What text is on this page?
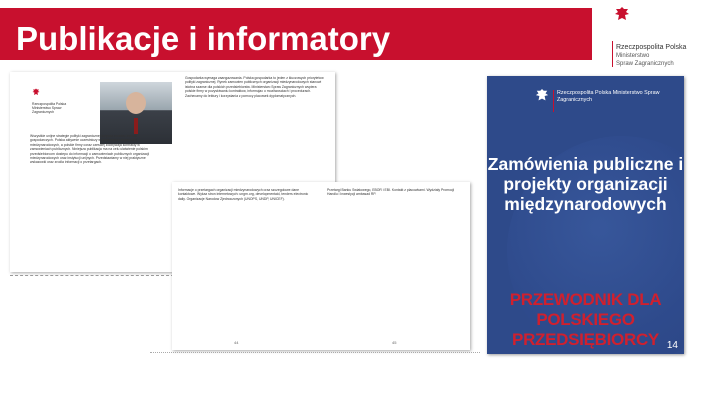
Publikacje i informatory	Rzeczpospolita Polska
Ministerstwo
Spraw Zagranicznych
Rzeczpospolita Polska Ministerstwo Spraw Zagranicznych
Wszystkie unijne strategie polityki zagranicznej dotycza rowniez kwestii gospodarczych. Polska aktywnie uczestniczy w przetargach organizacji miedzynarodowych, a polskie firmy coraz czesciej zdobywaja kontrakty w zamowieniach publicznych. Niniejsza publikacja ma na celu ulatwienie polskim przedsiebiorcom dostepu do informacji o zamowieniach publicznych organizacji miedzynarodowych oraz instytucji unijnych. Przedstawiamy w niej praktyczne wskazowki oraz zrodla informacji o przetargach.
Gospodarka wymaga zaangazowania. Polska gospodarka to jeden z kluczowych priorytetow polityki zagranicznej. Rynek zamowien publicznych organizacji miedzynarodowych stanowi istotna szanse dla polskich przedsiebiorstw. Ministerstwo Spraw Zagranicznych wspiera polskie firmy w pozyskiwaniu kontraktow, informujac o mozliwosciach i procedurach. Zachecamy do lektury i korzystania z pomocy placowek dyplomatycznych.
Informacje o przetargach organizacji miedzynarodowych oraz szczegolowe dane kontaktowe. Wykaz stron internetowych: ungm.org, developmentaid, tenders electronic daily. Organizacje Narodow Zjednoczonych (UNOPS, UNDP, UNICEF).
Przetargi Banku Swiatowego, EBOR i EBI. Kontakt z placowkami. Wydzialy Promocji Handlu i Inwestycji ambasad RP.
44	45
Rzeczpospolita Polska Ministerstwo Spraw Zagranicznych
Zamówienia publiczne i projekty organizacji międzynarodowych
PRZEWODNIK DLA POLSKIEGO PRZEDSIĘBIORCY 14
